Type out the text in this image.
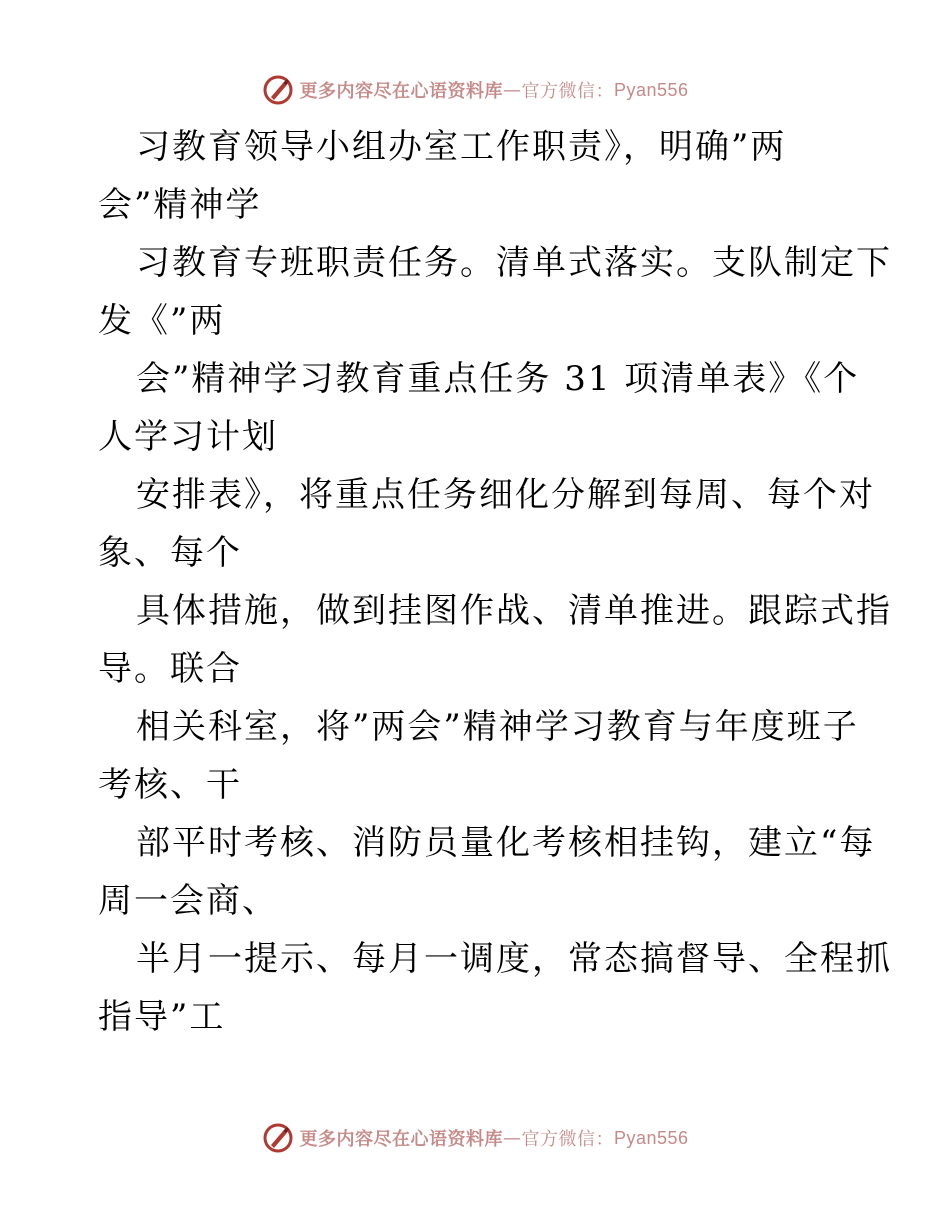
更多内容尽在心语资料库 — 官方微信： Pyan556
习教育领导小组办室工作职责》，明确”两
会”精神学
习教育专班职责任务。清单式落实。支队制定下
发《”两
会”精神学习教育重点任务 31 项清单表》《个
人学习计划
安排表》，将重点任务细化分解到每周、每个对
象、每个
具体措施，做到挂图作战、清单推进。跟踪式指
导。联合
相关科室，将”两会”精神学习教育与年度班子
考核、干
部平时考核、消防员量化考核相挂钩，建立“每
周一会商、
半月一提示、每月一调度，常态搞督导、全程抓
指导”工
更多内容尽在心语资料库 — 官方微信： Pyan556
